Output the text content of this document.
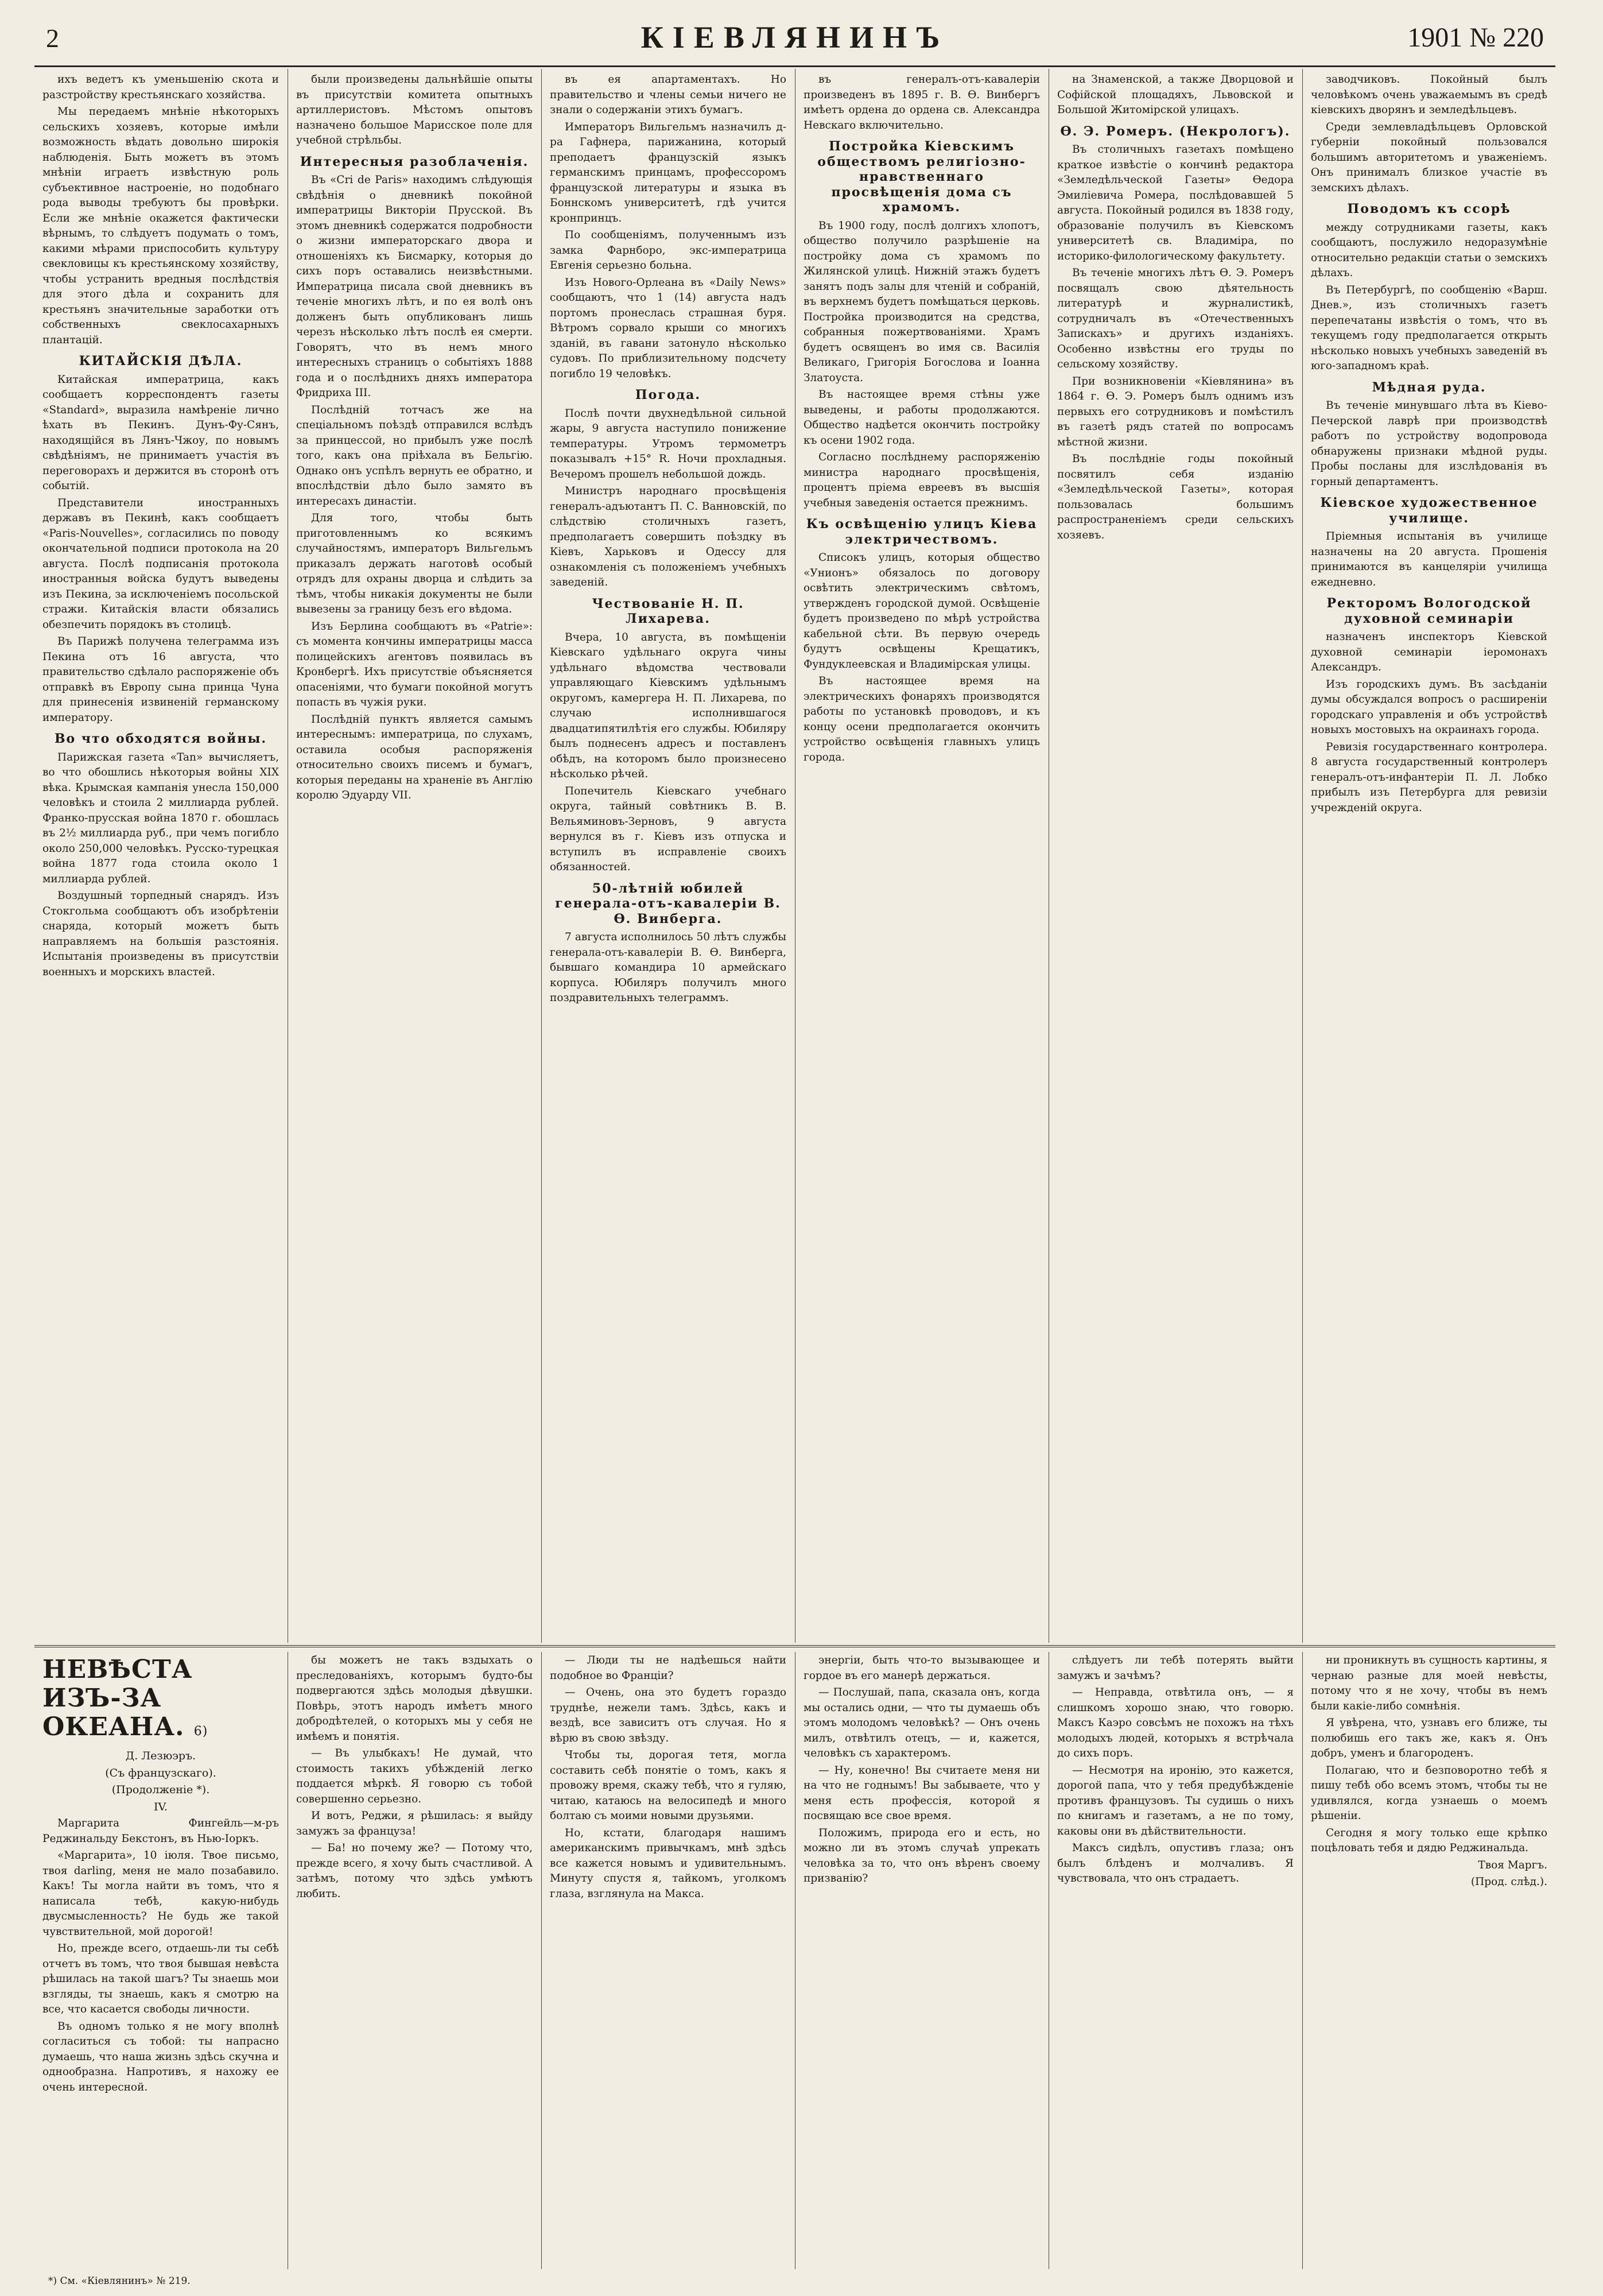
2	КІЕВЛЯНИНЪ	1901 № 220

ихъ ведетъ къ уменьшенію скота и разстройству крестьянскаго хозяйства.

Мы передаемъ мнѣніе нѣкоторыхъ сельскихъ хозяевъ, которые имѣли возможность вѣдать довольно широкія наблюденія. Быть можетъ въ этомъ мнѣніи играетъ извѣстную роль субъективное настроеніе, но подобнаго рода выводы требуютъ бы провѣрки. Если же мнѣніе окажется фактически вѣрнымъ, то слѣдуетъ подумать о томъ, какими мѣрами приспособить культуру свекловицы къ крестьянскому хозяйству, чтобы устранить вредныя послѣдствія для этого дѣла и сохранить для крестьянъ значительные заработки отъ собственныхъ свеклосахарныхъ плантацій.

КИТАЙСКІЯ ДѢЛА.

Китайская императрица, какъ сообщаетъ корреспондентъ газеты «Standard», выразила намѣреніе лично ѣхать въ Пекинъ. Дунъ-Фу-Сянъ, находящійся въ Лянъ-Чжоу, по новымъ свѣдѣніямъ, не принимаетъ участія въ переговорахъ и держится въ сторонѣ отъ событій.

Представители иностранныхъ державъ въ Пекинѣ, какъ сообщаетъ «Paris-Nouvelles», согласились по поводу окончательной подписи протокола на 20 августа. Послѣ подписанія протокола иностранныя войска будутъ выведены изъ Пекина, за исключеніемъ посольской стражи. Китайскія власти обязались обезпечить порядокъ въ столицѣ.

Въ Парижѣ получена телеграмма изъ Пекина отъ 16 августа, что правительство сдѣлало распоряженіе объ отправкѣ въ Европу сына принца Чуна для принесенія извиненій германскому императору.

Во что обходятся войны.

Парижская газета «Tan» вычисляетъ, во что обошлись нѣкоторыя войны XIX вѣка. Крымская кампанія унесла 150,000 человѣкъ и стоила 2 миллиарда рублей. Франко-прусская война 1870 г. обошлась въ 2½ миллиарда руб., при чемъ погибло около 250,000 человѣкъ. Русско-турецкая война 1877 года стоила около 1 миллиарда рублей.

Воздушный торпедный снарядъ. Изъ Стокгольма сообщаютъ объ изобрѣтеніи снаряда, который можетъ быть направляемъ на большія разстоянія. Испытанія произведены въ присутствіи военныхъ и морскихъ властей.

были произведены дальнѣйшіе опыты въ присутствіи комитета опытныхъ артиллеристовъ. Мѣстомъ опытовъ назначено большое Марисское поле для учебной стрѣльбы.

Интересныя разоблаченія.

Въ «Cri de Paris» находимъ слѣдующія свѣдѣнія о дневникѣ покойной императрицы Викторіи Прусской. Въ этомъ дневникѣ содержатся подробности о жизни императорскаго двора и отношеніяхъ къ Бисмарку, которыя до сихъ поръ оставались неизвѣстными. Императрица писала свой дневникъ въ теченіе многихъ лѣтъ, и по ея волѣ онъ долженъ быть опубликованъ лишь черезъ нѣсколько лѣтъ послѣ ея смерти. Говорятъ, что въ немъ много интересныхъ страницъ о событіяхъ 1888 года и о послѣднихъ дняхъ императора Фридриха III.

Послѣдній тотчасъ же на спеціальномъ поѣздѣ отправился вслѣдъ за принцессой, но прибылъ уже послѣ того, какъ она пріѣхала въ Бельгію. Однако онъ успѣлъ вернуть ее обратно, и впослѣдствіи дѣло было замято въ интересахъ династіи.

Для того, чтобы быть приготовленнымъ ко всякимъ случайностямъ, императоръ Вильгельмъ приказалъ держать наготовѣ особый отрядъ для охраны дворца и слѣдить за тѣмъ, чтобы никакія документы не были вывезены за границу безъ его вѣдома.

Изъ Берлина сообщаютъ въ «Patrie»: съ момента кончины императрицы масса полицейскихъ агентовъ появилась въ Кронбергѣ. Ихъ присутствіе объясняется опасеніями, что бумаги покойной могутъ попасть въ чужія руки.

Послѣдній пунктъ является самымъ интереснымъ: императрица, по слухамъ, оставила особыя распоряженія относительно своихъ писемъ и бумагъ, которыя переданы на храненіе въ Англію королю Эдуарду VII.

въ ея апартаментахъ. Но правительство и члены семьи ничего не знали о содержаніи этихъ бумагъ.

Императоръ Вильгельмъ назначилъ д-ра Гафнера, парижанина, который преподаетъ французскій языкъ германскимъ принцамъ, профессоромъ французской литературы и языка въ Боннскомъ университетѣ, гдѣ учится кронпринцъ.

По сообщеніямъ, полученнымъ изъ замка Фарнборо, экс-императрица Евгенія серьезно больна.

Изъ Нового-Орлеана въ «Daily News» сообщаютъ, что 1 (14) августа надъ портомъ пронеслась страшная буря. Вѣтромъ сорвало крыши со многихъ зданій, въ гавани затонуло нѣсколько судовъ. По приблизительному подсчету погибло 19 человѣкъ.

Погода.

Послѣ почти двухнедѣльной сильной жары, 9 августа наступило понижение температуры. Утромъ термометръ показывалъ +15° R. Ночи прохладныя. Вечеромъ прошелъ небольшой дождь.

Министръ народнаго просвѣщенія генералъ-адъютантъ П. С. Ванновскій, по слѣдствію столичныхъ газетъ, предполагаетъ совершить поѣздку въ Кіевъ, Харьковъ и Одессу для ознакомленія съ положеніемъ учебныхъ заведеній.

Чествованіе Н. П. Лихарева.

Вчера, 10 августа, въ помѣщеніи Кіевскаго удѣльнаго округа чины удѣльнаго вѣдомства чествовали управляющаго Кіевскимъ удѣльнымъ округомъ, камергера Н. П. Лихарева, по случаю исполнившагося двадцатипятилѣтія его службы. Юбиляру былъ поднесенъ адресъ и поставленъ обѣдъ, на которомъ было произнесено нѣсколько рѣчей.

Попечитель Кіевскаго учебнаго округа, тайный совѣтникъ В. В. Вельяминовъ-Зерновъ, 9 августа вернулся въ г. Кіевъ изъ отпуска и вступилъ въ исправленіе своихъ обязанностей.

50-лѣтній юбилей генерала-отъ-кавалеріи В. Ѳ. Винберга.

7 августа исполнилось 50 лѣтъ службы генерала-отъ-кавалеріи В. Ѳ. Винберга, бывшаго командира 10 армейскаго корпуса. Юбиляръ получилъ много поздравительныхъ телеграммъ.

въ генералъ-отъ-кавалеріи произведенъ въ 1895 г. В. Ѳ. Винбергъ имѣетъ ордена до ордена св. Александра Невскаго включительно.

Постройка Кіевскимъ обществомъ религіозно-нравственнаго просвѣщенія дома съ храмомъ.

Въ 1900 году, послѣ долгихъ хлопотъ, общество получило разрѣшеніе на постройку дома съ храмомъ по Жилянской улицѣ. Нижній этажъ будетъ занятъ подъ залы для чтеній и собраній, въ верхнемъ будетъ помѣщаться церковь. Постройка производится на средства, собранныя пожертвованіями. Храмъ будетъ освященъ во имя св. Василія Великаго, Григорія Богослова и Іоанна Златоуста.

Въ настоящее время стѣны уже выведены, и работы продолжаются. Общество надѣется окончить постройку къ осени 1902 года.

Согласно послѣднему распоряженію министра народнаго просвѣщенія, процентъ пріема евреевъ въ высшія учебныя заведенія остается прежнимъ.

Къ освѣщенію улицъ Кіева электричествомъ.

Списокъ улицъ, которыя общество «Унионъ» обязалось по договору освѣтить электрическимъ свѣтомъ, утвержденъ городской думой. Освѣщеніе будетъ произведено по мѣрѣ устройства кабельной сѣти. Въ первую очередь будутъ освѣщены Крещатикъ, Фундуклеевская и Владимірская улицы.

Въ настоящее время на электрическихъ фонаряхъ производятся работы по установкѣ проводовъ, и къ концу осени предполагается окончить устройство освѣщенія главныхъ улицъ города.

на Знаменской, а также Дворцовой и Софійской площадяхъ, Львовской и Большой Житомірской улицахъ.

Ѳ. Э. Ромеръ. (Некрологъ).

Въ столичныхъ газетахъ помѣщено краткое извѣстіе о кончинѣ редактора «Земледѣльческой Газеты» Ѳедора Эмиліевича Ромера, послѣдовавшей 5 августа. Покойный родился въ 1838 году, образованіе получилъ въ Кіевскомъ университетѣ св. Владиміра, по историко-филологическому факультету.

Въ теченіе многихъ лѣтъ Ѳ. Э. Ромеръ посвящалъ свою дѣятельность литературѣ и журналистикѣ, сотрудничалъ въ «Отечественныхъ Запискахъ» и другихъ изданіяхъ. Особенно извѣстны его труды по сельскому хозяйству.

При возникновеніи «Кіевлянина» въ 1864 г. Ѳ. Э. Ромеръ былъ однимъ изъ первыхъ его сотрудниковъ и помѣстилъ въ газетѣ рядъ статей по вопросамъ мѣстной жизни.

Въ послѣдніе годы покойный посвятилъ себя изданію «Земледѣльческой Газеты», которая пользовалась большимъ распространеніемъ среди сельскихъ хозяевъ.

заводчиковъ. Покойный былъ человѣкомъ очень уважаемымъ въ средѣ кіевскихъ дворянъ и земледѣльцевъ.

Среди землевладѣльцевъ Орловской губерніи покойный пользовался большимъ авторитетомъ и уваженіемъ. Онъ принималъ близкое участіе въ земскихъ дѣлахъ.

Поводомъ къ ссорѣ

между сотрудниками газеты, какъ сообщаютъ, послужило недоразумѣніе относительно редакціи статьи о земскихъ дѣлахъ.

Въ Петербургѣ, по сообщенію «Варш. Днев.», изъ столичныхъ газетъ перепечатаны извѣстія о томъ, что въ текущемъ году предполагается открыть нѣсколько новыхъ учебныхъ заведеній въ юго-западномъ краѣ.

Мѣдная руда.

Въ теченіе минувшаго лѣта въ Кіево-Печерской лаврѣ при производствѣ работъ по устройству водопровода обнаружены признаки мѣдной руды. Пробы посланы для изслѣдованія въ горный департаментъ.

Кіевское художественное училище.

Пріемныя испытанія въ училище назначены на 20 августа. Прошенія принимаются въ канцеляріи училища ежедневно.

Ректоромъ Вологодской духовной семинаріи

назначенъ инспекторъ Кіевской духовной семинаріи іеромонахъ Александръ.

Изъ городскихъ думъ. Въ засѣданіи думы обсуждался вопросъ о расширеніи городскаго управленія и объ устройствѣ новыхъ мостовыхъ на окраинахъ города.

Ревизія государственнаго контролера. 8 августа государственный контролеръ генералъ-отъ-инфантеріи П. Л. Лобко прибылъ изъ Петербурга для ревизіи учрежденій округа.

НЕВѢСТА ИЗЪ-ЗА ОКЕАНА. 6)

Д. Лезюэръ.

(Съ французскаго).

(Продолженіе *).

IV.

Маргарита Фингейль—м-ръ Реджинальду Бекстонъ, въ Нью-Іоркъ.

«Маргарита», 10 іюля. Твое письмо, твоя darling, меня не мало позабавило. Какъ! Ты могла найти въ томъ, что я написала тебѣ, какую-нибудь двусмысленность? Не будь же такой чувствительной, мой дорогой!

Но, прежде всего, отдаешь-ли ты себѣ отчетъ въ томъ, что твоя бывшая невѣста рѣшилась на такой шагъ? Ты знаешь мои взгляды, ты знаешь, какъ я смотрю на все, что касается свободы личности.

Въ одномъ только я не могу вполнѣ согласиться съ тобой: ты напрасно думаешь, что наша жизнь здѣсь скучна и однообразна. Напротивъ, я нахожу ее очень интересной.

бы можетъ не такъ вздыхать о преследованіяхъ, которымъ будто-бы подвергаются здѣсь молодыя дѣвушки. Повѣрь, этотъ народъ имѣетъ много добродѣтелей, о которыхъ мы у себя не имѣемъ и понятія.

— Въ улыбкахъ! Не думай, что стоимость такихъ убѣжденій легко поддается мѣркѣ. Я говорю съ тобой совершенно серьезно.

И вотъ, Реджи, я рѣшилась: я выйду замужъ за француза!

— Ба! но почему же? — Потому что, прежде всего, я хочу быть счастливой. А затѣмъ, потому что здѣсь умѣютъ любить.

— Люди ты не надѣешься найти подобное во Франціи?

— Очень, она это будетъ гораздо труднѣе, нежели тамъ. Здѣсь, какъ и вездѣ, все зависитъ отъ случая. Но я вѣрю въ свою звѣзду.

Чтобы ты, дорогая тетя, могла составить себѣ понятіе о томъ, какъ я провожу время, скажу тебѣ, что я гуляю, читаю, катаюсь на велосипедѣ и много болтаю съ моими новыми друзьями.

Но, кстати, благодаря нашимъ американскимъ привычкамъ, мнѣ здѣсь все кажется новымъ и удивительнымъ. Минуту спустя я, тайкомъ, уголкомъ глаза, взглянула на Максa.

энергіи, быть что-то вызывающее и гордое въ его манерѣ держаться.

— Послушай, папа, сказала онъ, когда мы остались одни, — что ты думаешь объ этомъ молодомъ человѣкѣ? — Онъ очень милъ, отвѣтилъ отецъ, — и, кажется, человѣкъ съ характеромъ.

— Ну, конечно! Вы считаете меня ни на что не годнымъ! Вы забываете, что у меня есть профессія, которой я посвящаю все свое время.

Положимъ, природа его и есть, но можно ли въ этомъ случаѣ упрекать человѣка за то, что онъ вѣренъ своему призванію?

слѣдуетъ ли тебѣ потерять выйти замужъ и зачѣмъ?

— Неправда, отвѣтила онъ, — я слишкомъ хорошо знаю, что говорю. Максъ Каэро совсѣмъ не похожъ на тѣхъ молодыхъ людей, которыхъ я встрѣчала до сихъ поръ.

— Несмотря на иронію, это кажется, дорогой папа, что у тебя предубѣжденіе противъ французовъ. Ты судишь о нихъ по книгамъ и газетамъ, а не по тому, каковы они въ дѣйствительности.

Максъ сидѣлъ, опустивъ глаза; онъ былъ блѣденъ и молчаливъ. Я чувствовала, что онъ страдаетъ.

ни проникнуть въ сущность картины, я чернаю разные для моей невѣсты, потому что я не хочу, чтобы въ немъ были какіе-либо сомнѣнія.

Я увѣрена, что, узнавъ его ближе, ты полюбишь его такъ же, какъ я. Онъ добръ, уменъ и благороденъ.

Полагаю, что и безповоротно тебѣ я пишу тебѣ обо всемъ этомъ, чтобы ты не удивлялся, когда узнаешь о моемъ рѣшеніи.

Сегодня я могу только еще крѣпко поцѣловать тебя и дядю Реджинальда.

Твоя Маргъ.

(Прод. слѣд.).

*) См. «Кіевлянинъ» № 219.
